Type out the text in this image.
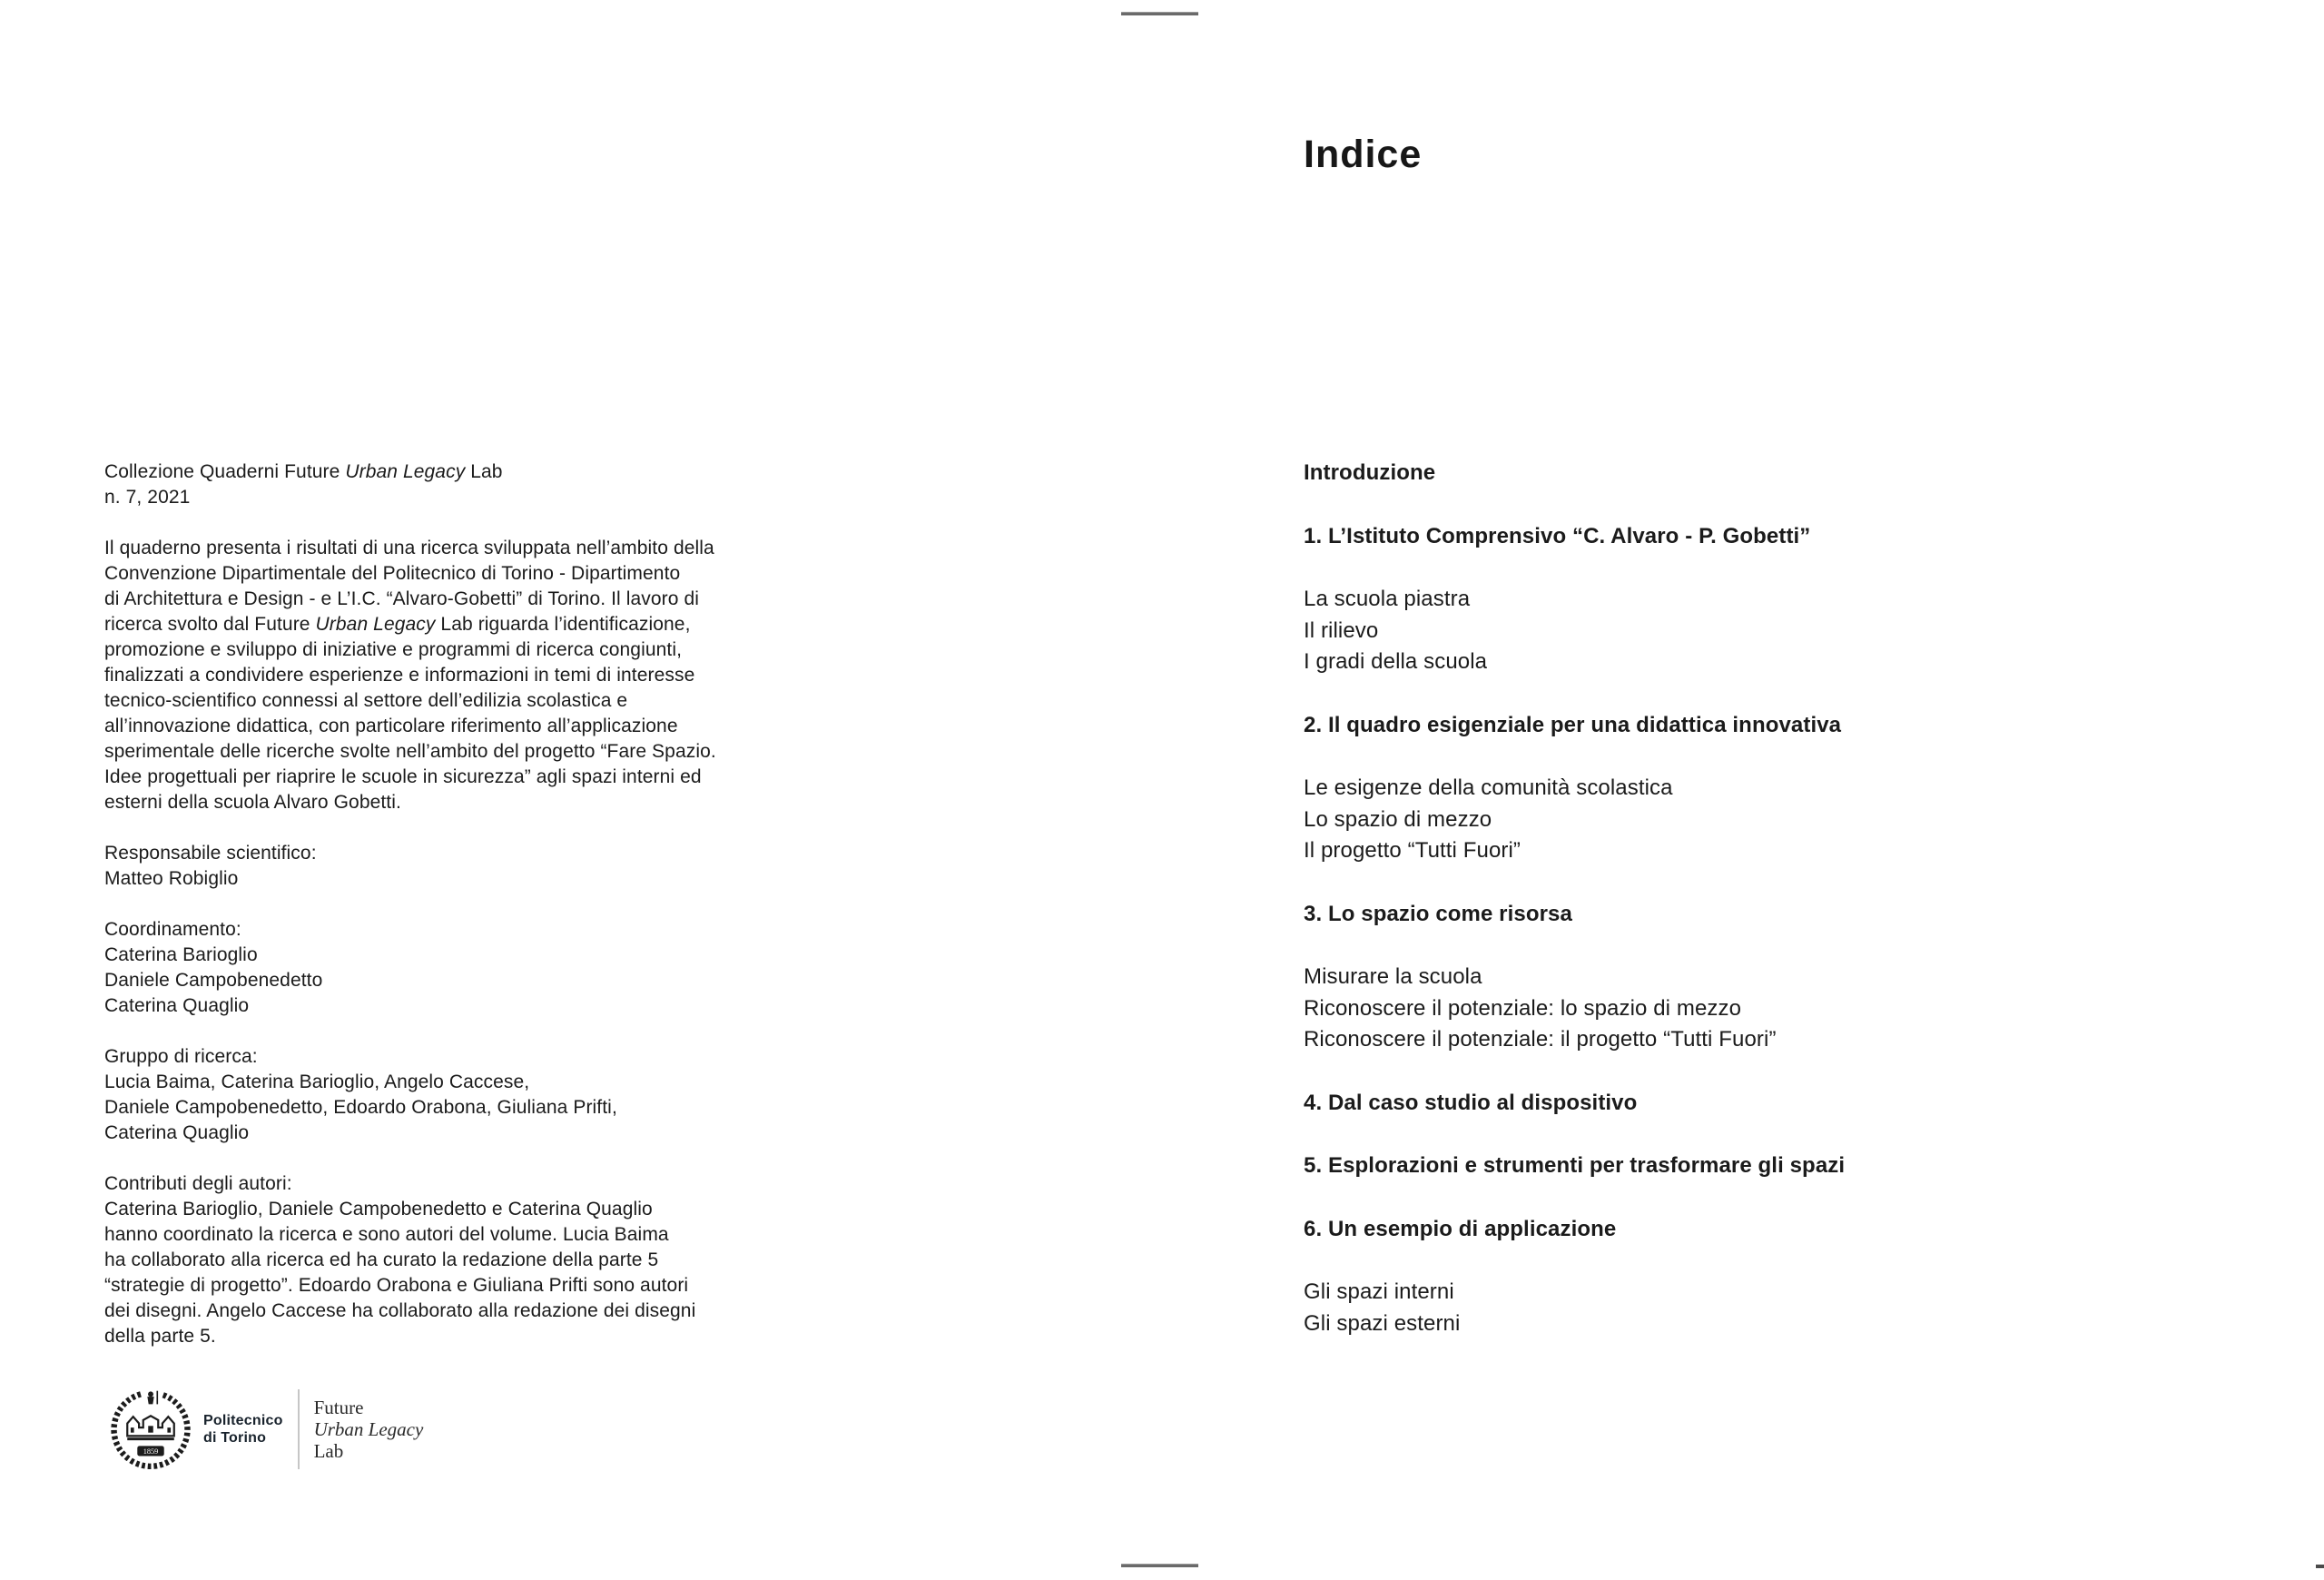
Collezione Quaderni Future Urban Legacy Lab
n. 7, 2021
Il quaderno presenta i risultati di una ricerca sviluppata nell’ambito della
Convenzione Dipartimentale del Politecnico di Torino - Dipartimento
di Architettura e Design - e L’I.C. “Alvaro-Gobetti” di Torino. Il lavoro di
ricerca svolto dal Future Urban Legacy Lab riguarda l’identificazione,
promozione e sviluppo di iniziative e programmi di ricerca congiunti,
finalizzati a condividere esperienze e informazioni in temi di interesse
tecnico-scientifico connessi al settore dell’edilizia scolastica e
all’innovazione didattica, con particolare riferimento all’applicazione
sperimentale delle ricerche svolte nell’ambito del progetto “Fare Spazio.
Idee progettuali per riaprire le scuole in sicurezza” agli spazi interni ed
esterni della scuola Alvaro Gobetti.
Responsabile scientifico:
Matteo Robiglio
Coordinamento:
Caterina Barioglio
Daniele Campobenedetto
Caterina Quaglio
Gruppo di ricerca:
Lucia Baima, Caterina Barioglio, Angelo Caccese,
Daniele Campobenedetto, Edoardo Orabona, Giuliana Prifti,
Caterina Quaglio
Contributi degli autori:
Caterina Barioglio, Daniele Campobenedetto e Caterina Quaglio
hanno coordinato la ricerca e sono autori del volume. Lucia Baima
ha collaborato alla ricerca ed ha curato la redazione della parte 5
“strategie di progetto”. Edoardo Orabona e Giuliana Prifti sono autori
dei disegni. Angelo Caccese ha collaborato alla redazione dei disegni
della parte 5.
1859
Politecnico
di Torino
Future
Urban Legacy
Lab
Indice
Introduzione
1. L’Istituto Comprensivo “C. Alvaro - P. Gobetti”
La scuola piastra
Il rilievo
I gradi della scuola
2. Il quadro esigenziale per una didattica innovativa
Le esigenze della comunità scolastica
Lo spazio di mezzo
Il progetto “Tutti Fuori”
3. Lo spazio come risorsa
Misurare la scuola
Riconoscere il potenziale: lo spazio di mezzo
Riconoscere il potenziale: il progetto “Tutti Fuori”
4. Dal caso studio al dispositivo
5. Esplorazioni e strumenti per trasformare gli spazi
6. Un esempio di applicazione
Gli spazi interni
Gli spazi esterni
